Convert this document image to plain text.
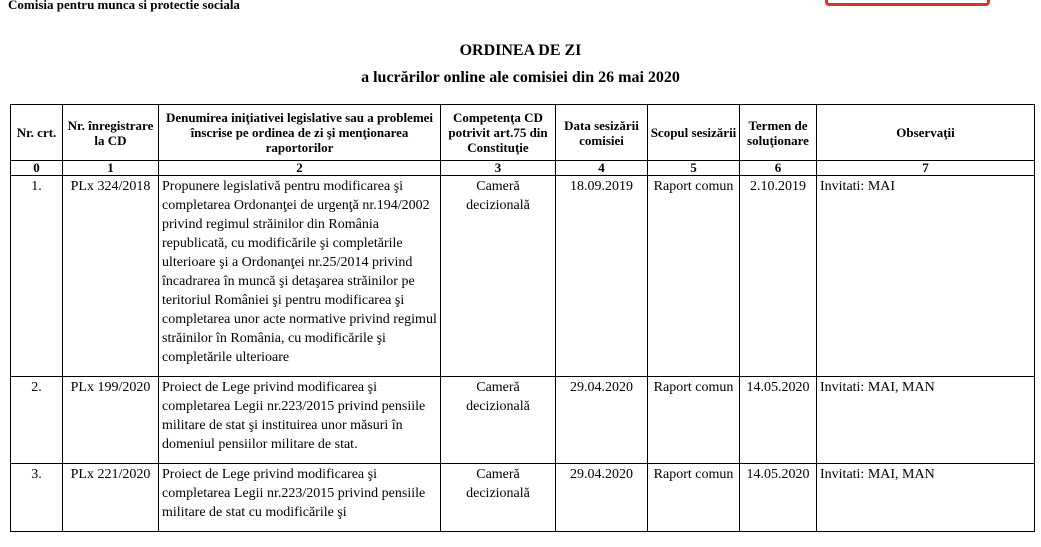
Comisia pentru munca si protectie sociala
ORDINEA DE ZI
a lucrărilor online ale comisiei din 26 mai 2020
Nr. crt.	Nr. înregistrare la CD	Denumirea iniţiativei legislative sau a problemei înscrise pe ordinea de zi şi menţionarea raportorilor	Competenţa CD potrivit art.75 din Constituţie	Data sesizării comisiei	Scopul sesizării	Termen de soluţionare	Observaţii
0	1	2	3	4	5	6	7
1.	PLx 324/2018	Propunere legislativă pentru modificarea şi completarea Ordonanţei de urgenţă nr.194/2002 privind regimul străinilor din România republicată, cu modificările şi completările ulterioare şi a Ordonanţei nr.25/2014 privind încadrarea în muncă şi detaşarea străinilor pe teritoriul României şi pentru modificarea şi completarea unor acte normative privind regimul străinilor în România, cu modificările şi completările ulterioare	Cameră decizională	18.09.2019	Raport comun	2.10.2019	Invitati: MAI
2.	PLx 199/2020	Proiect de Lege privind modificarea şi completarea Legii nr.223/2015 privind pensiile militare de stat şi instituirea unor măsuri în domeniul pensiilor militare de stat.	Cameră decizională	29.04.2020	Raport comun	14.05.2020	Invitati: MAI, MAN
3.	PLx 221/2020	Proiect de Lege privind modificarea şi completarea Legii nr.223/2015 privind pensiile militare de stat cu modificările şi	Cameră decizională	29.04.2020	Raport comun	14.05.2020	Invitati: MAI, MAN
